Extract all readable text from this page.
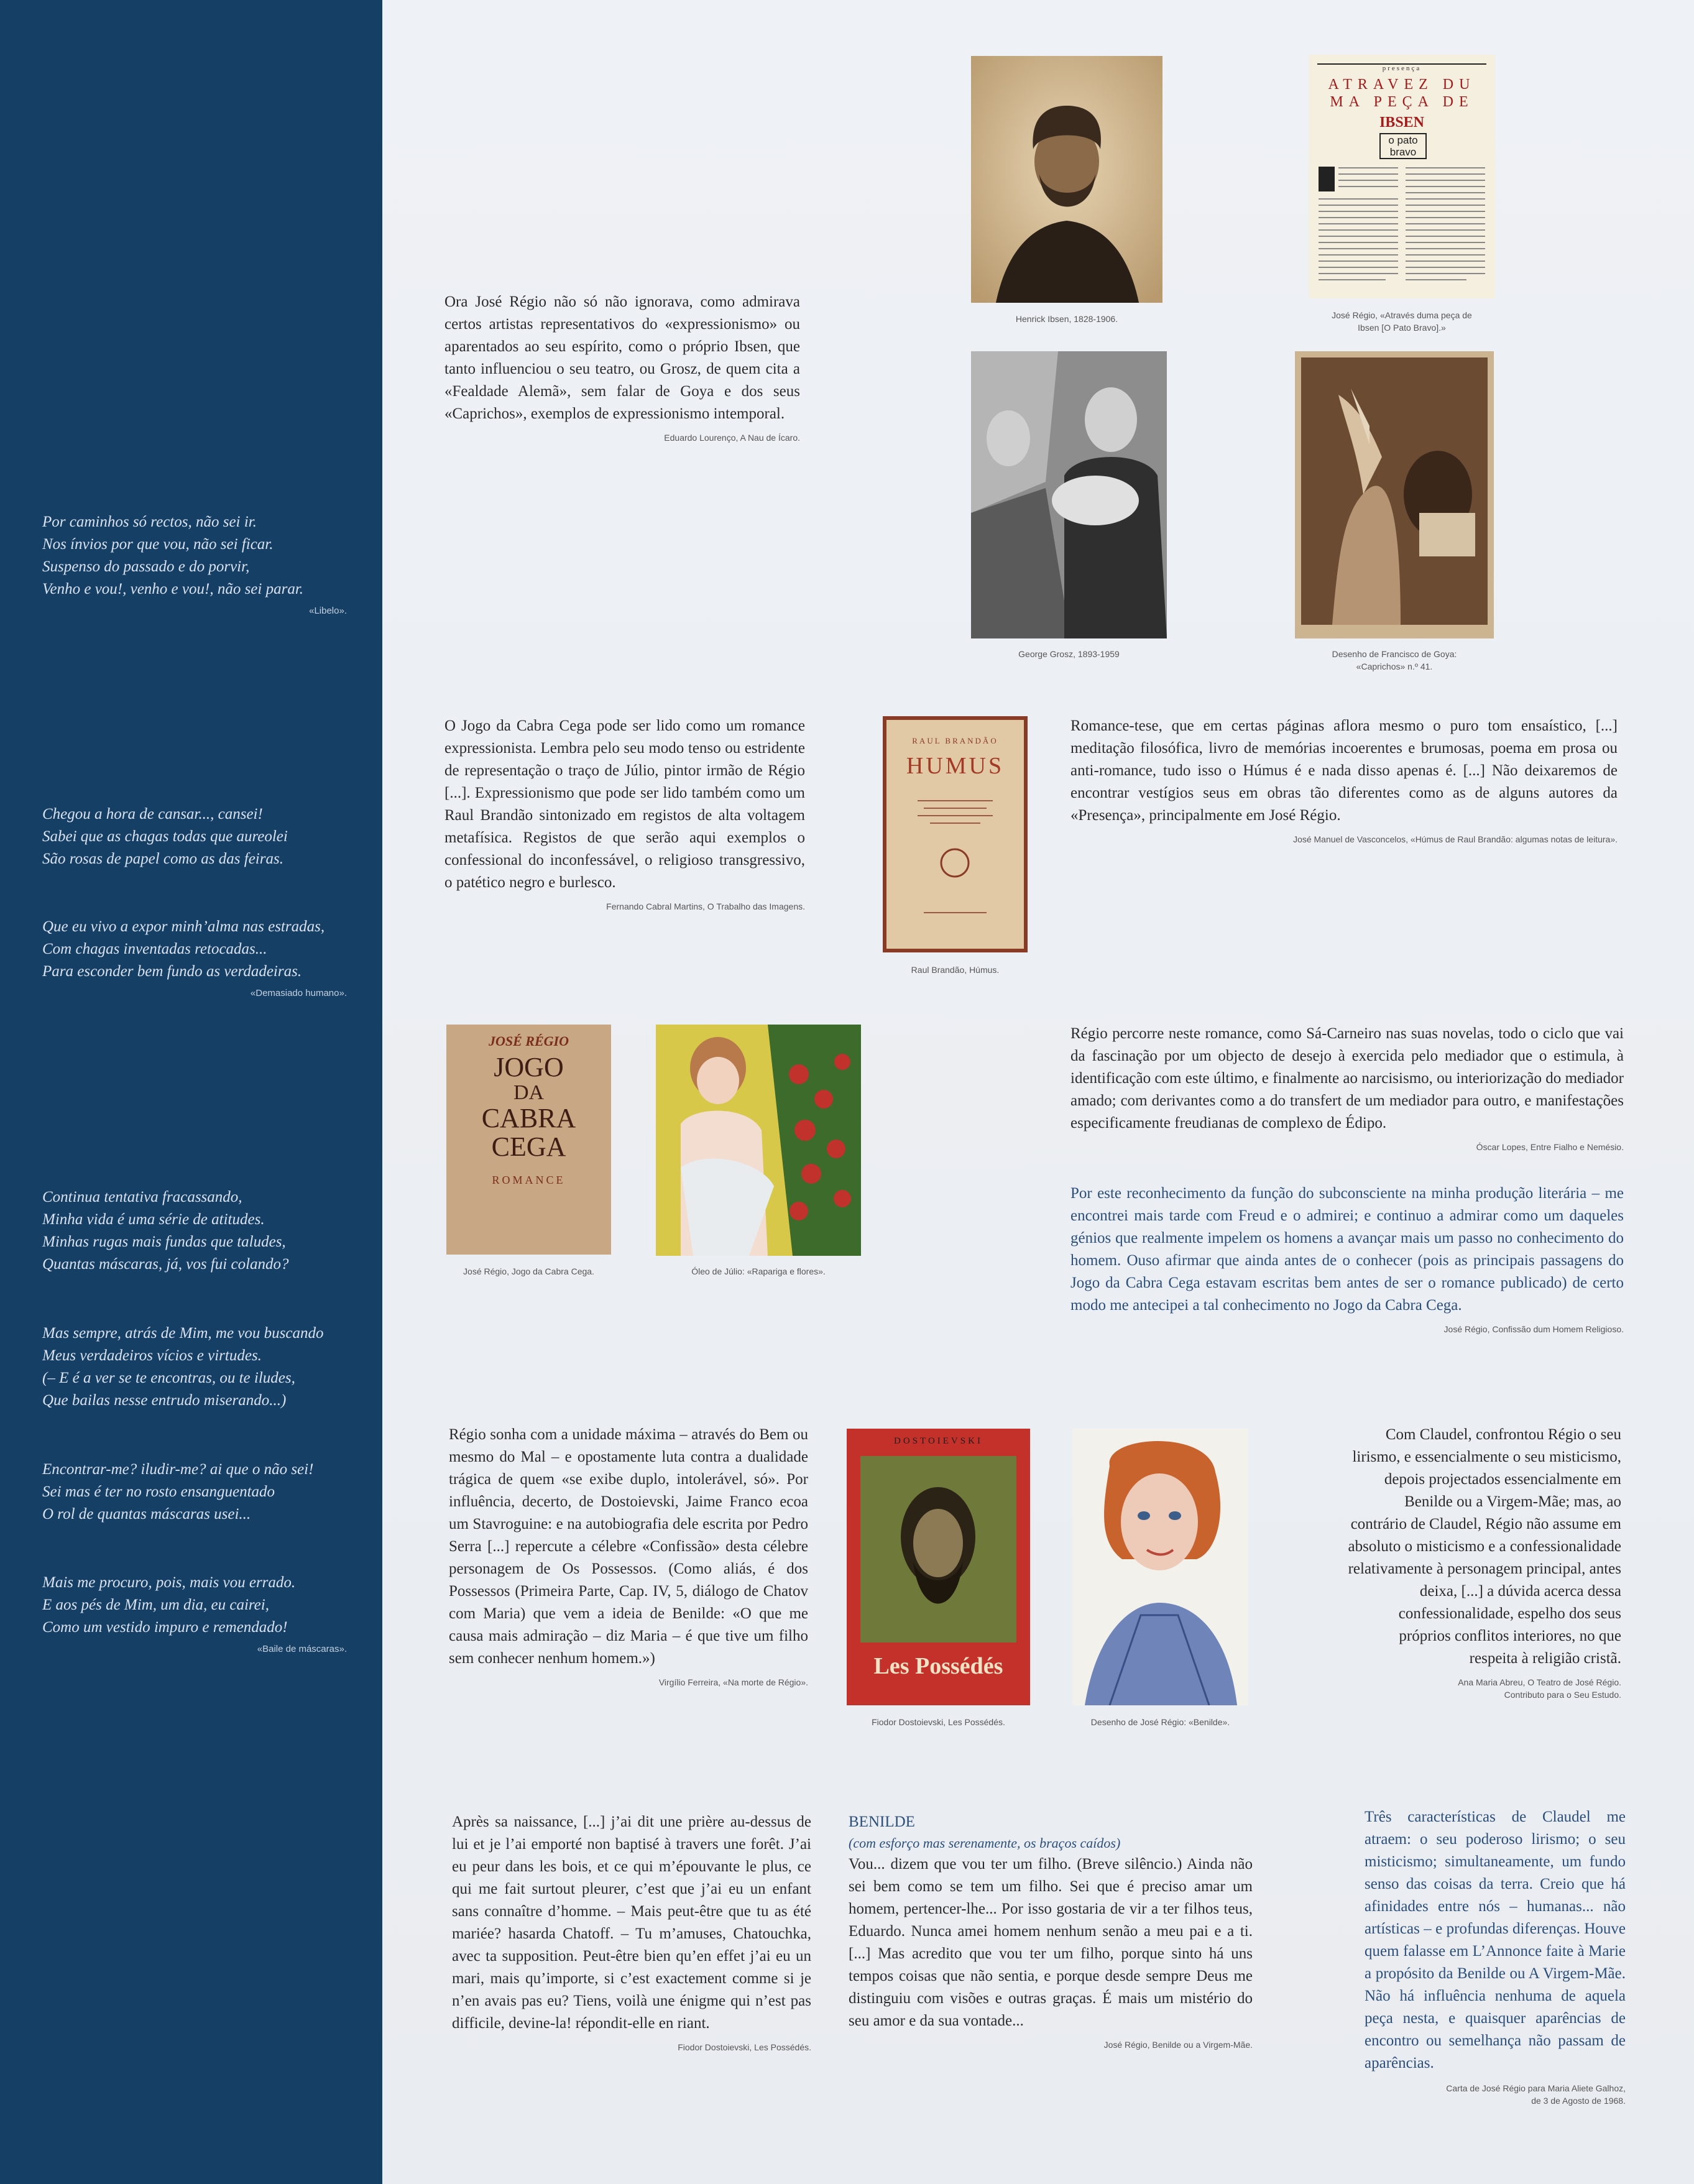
Por caminhos só rectos, não sei ir.

Nos ínvios por que vou, não sei ficar.

Suspenso do passado e do porvir,

Venho e vou!, venho e vou!, não sei parar.

«Libelo».

Chegou a hora de cansar..., cansei!

Sabei que as chagas todas que aureolei

São rosas de papel como as das feiras.

Que eu vivo a expor minh’alma nas estradas,

Com chagas inventadas retocadas...

Para esconder bem fundo as verdadeiras.

«Demasiado humano».

Continua tentativa fracassando,

Minha vida é uma série de atitudes.

Minhas rugas mais fundas que taludes,

Quantas máscaras, já, vos fui colando?

Mas sempre, atrás de Mim, me vou buscando

Meus verdadeiros vícios e virtudes.

(– E é a ver se te encontras, ou te iludes,

Que bailas nesse entrudo miserando...)

Encontrar-me? iludir-me? ai que o não sei!

Sei mas é ter no rosto ensanguentado

O rol de quantas máscaras usei...

Mais me procuro, pois, mais vou errado.

E aos pés de Mim, um dia, eu cairei,

Como um vestido impuro e remendado!

«Baile de máscaras».

Ora José Régio não só não ignorava, como admirava certos artistas representativos do «expressionismo» ou aparentados ao seu espírito, como o próprio Ibsen, que tanto influenciou o seu teatro, ou Grosz, de quem cita a «Fealdade Alemã», sem falar de Goya e dos seus «Caprichos», exemplos de expressionismo intemporal.

Eduardo Lourenço, A Nau de Ícaro.
Henrick Ibsen, 1828-1906.
presença
ATRAVEZ DU
MA PEÇA DE
IBSEN
o pato
bravo
José Régio, «Através duma peça de
Ibsen [O Pato Bravo].»
George Grosz, 1893-1959	Desenho de Francisco de Goya:
«Caprichos» n.º 41.

O Jogo da Cabra Cega pode ser lido como um romance expressionista. Lembra pelo seu modo tenso ou estridente de representação o traço de Júlio, pintor irmão de Régio [...]. Expressionismo que pode ser lido também como um Raul Brandão sintonizado em registos de alta voltagem metafísica. Registos de que serão aqui exemplos o confessional do inconfessável, o religioso transgressivo, o patético negro e burlesco.

Fernando Cabral Martins, O Trabalho das Imagens.
RAUL BRANDÃO
HUMUS
Raul Brandão, Húmus.

Romance-tese, que em certas páginas aflora mesmo o puro tom ensaístico, [...] meditação filosófica, livro de memórias incoerentes e brumosas, poema em prosa ou anti-romance, tudo isso o Húmus é e nada disso apenas é. [...] Não deixaremos de encontrar vestígios seus em obras tão diferentes como as de alguns autores da «Presença», principalmente em José Régio.

José Manuel de Vasconcelos, «Húmus de Raul Brandão: algumas notas de leitura».
JOSÉ RÉGIO
JOGO
DA
CABRA
CEGA
ROMANCE
José Régio, Jogo da Cabra Cega.	Óleo de Júlio: «Rapariga e flores».

Régio percorre neste romance, como Sá-Carneiro nas suas novelas, todo o ciclo que vai da fascinação por um objecto de desejo à exercida pelo mediador que o estimula, à identificação com este último, e finalmente ao narcisismo, ou interiorização do mediador amado; com derivantes como a do transfert de um mediador para outro, e manifestações especificamente freudianas de complexo de Édipo.

Óscar Lopes, Entre Fialho e Nemésio.

Por este reconhecimento da função do subconsciente na minha produção literária – me encontrei mais tarde com Freud e o admirei; e continuo a admirar como um daqueles génios que realmente impelem os homens a avançar mais um passo no conhecimento do homem. Ouso afirmar que ainda antes de o conhecer (pois as principais passagens do Jogo da Cabra Cega estavam escritas bem antes de ser o romance publicado) de certo modo me antecipei a tal conhecimento no Jogo da Cabra Cega.

José Régio, Confissão dum Homem Religioso.

Régio sonha com a unidade máxima – através do Bem ou mesmo do Mal – e opostamente luta contra a dualidade trágica de quem «se exibe duplo, intolerável, só». Por influência, decerto, de Dostoievski, Jaime Franco ecoa um Stavroguine: e na autobiografia dele escrita por Pedro Serra [...] repercute a célebre «Confissão» desta célebre personagem de Os Possessos. (Como aliás, é dos Possessos (Primeira Parte, Cap. IV, 5, diálogo de Chatov com Maria) que vem a ideia de Benilde: «O que me causa mais admiração – diz Maria – é que tive um filho sem conhecer nenhum homem.»)

Virgílio Ferreira, «Na morte de Régio».
DOSTOIEVSKI
Les Possédés
Fiodor Dostoievski, Les Possédés.	Desenho de José Régio: «Benilde».

Com Claudel, confrontou Régio o seu lirismo, e essencialmente o seu misticismo, depois projectados essencialmente em Benilde ou a Virgem-Mãe; mas, ao contrário de Claudel, Régio não assume em absoluto o misticismo e a confessionalidade relativamente à personagem principal, antes deixa, [...] a dúvida acerca dessa confessionalidade, espelho dos seus próprios conflitos interiores, no que respeita à religião cristã.

Ana Maria Abreu, O Teatro de José Régio.
Contributo para o Seu Estudo.

Après sa naissance, [...] j’ai dit une prière au-dessus de lui et je l’ai emporté non baptisé à travers une forêt. J’ai eu peur dans les bois, et ce qui m’épouvante le plus, ce qui me fait surtout pleurer, c’est que j’ai eu un enfant sans connaître d’homme. – Mais peut-être que tu as été mariée? hasarda Chatoff. – Tu m’amuses, Chatouchka, avec ta supposition. Peut-être bien qu’en effet j’ai eu un mari, mais qu’importe, si c’est exactement comme si je n’en avais pas eu? Tiens, voilà une énigme qui n’est pas difficile, devine-la! répondit-elle en riant.

Fiodor Dostoievski, Les Possédés.
BENILDE
(com esforço mas serenamente, os braços caídos)

Vou... dizem que vou ter um filho. (Breve silêncio.) Ainda não sei bem como se tem um filho. Sei que é preciso amar um homem, pertencer-lhe... Por isso gostaria de vir a ter filhos teus, Eduardo. Nunca amei homem nenhum senão a meu pai e a ti. [...] Mas acredito que vou ter um filho, porque sinto há uns tempos coisas que não sentia, e porque desde sempre Deus me distinguiu com visões e outras graças. É mais um mistério do seu amor e da sua vontade...

José Régio, Benilde ou a Virgem-Mãe.

Três características de Claudel me atraem: o seu poderoso lirismo; o seu misticismo; simultaneamente, um fundo senso das coisas da terra. Creio que há afinidades entre nós – humanas... não artísticas – e profundas diferenças. Houve quem falasse em L’Annonce faite à Marie a propósito da Benilde ou A Virgem-Mãe. Não há influência nenhuma de aquela peça nesta, e quaisquer aparências de encontro ou semelhança não passam de aparências.

Carta de José Régio para Maria Aliete Galhoz,
de 3 de Agosto de 1968.
